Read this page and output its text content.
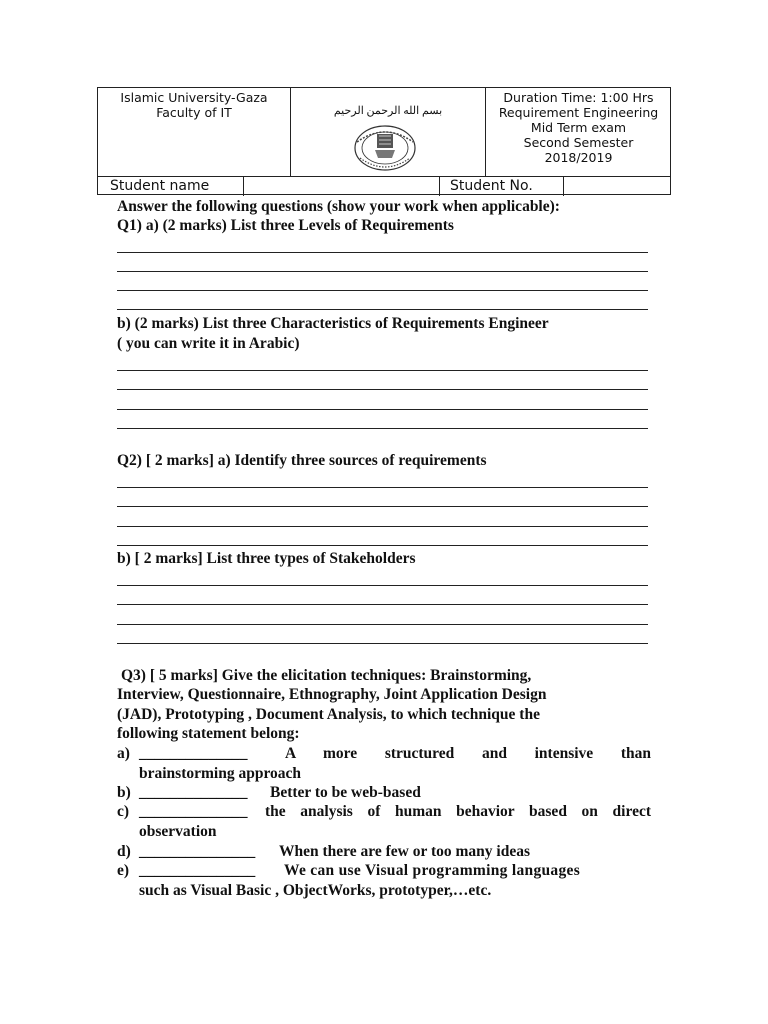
Islamic University-Gaza
Faculty of IT	بسم الله الرحمن الرحيم
Duration Time: 1:00 Hrs
Requirement Engineering
Mid Term exam
Second Semester
2018/2019
Student name	Student No.
Answer the following questions (show your work when applicable):
Q1) a) (2 marks) List three Levels of Requirements
b) (2 marks) List three Characteristics of Requirements Engineer
( you can write it in Arabic)
Q2) [ 2 marks] a) Identify three sources of requirements
b) [ 2 marks] List three types of Stakeholders
Q3) [ 5 marks] Give the elicitation techniques: Brainstorming,
Interview, Questionnaire, Ethnography, Joint Application Design
(JAD), Prototyping , Document Analysis, to which technique the
following statement belong:
a) ______________ A more structured and intensive than
brainstorming approach
b) ______________ Better to be web-based
c) ______________ the analysis of human behavior based on direct
observation
d) _______________ When there are few or too many ideas
e) _______________ We can use Visual programming languages
such as Visual Basic , ObjectWorks, prototyper,…etc.
